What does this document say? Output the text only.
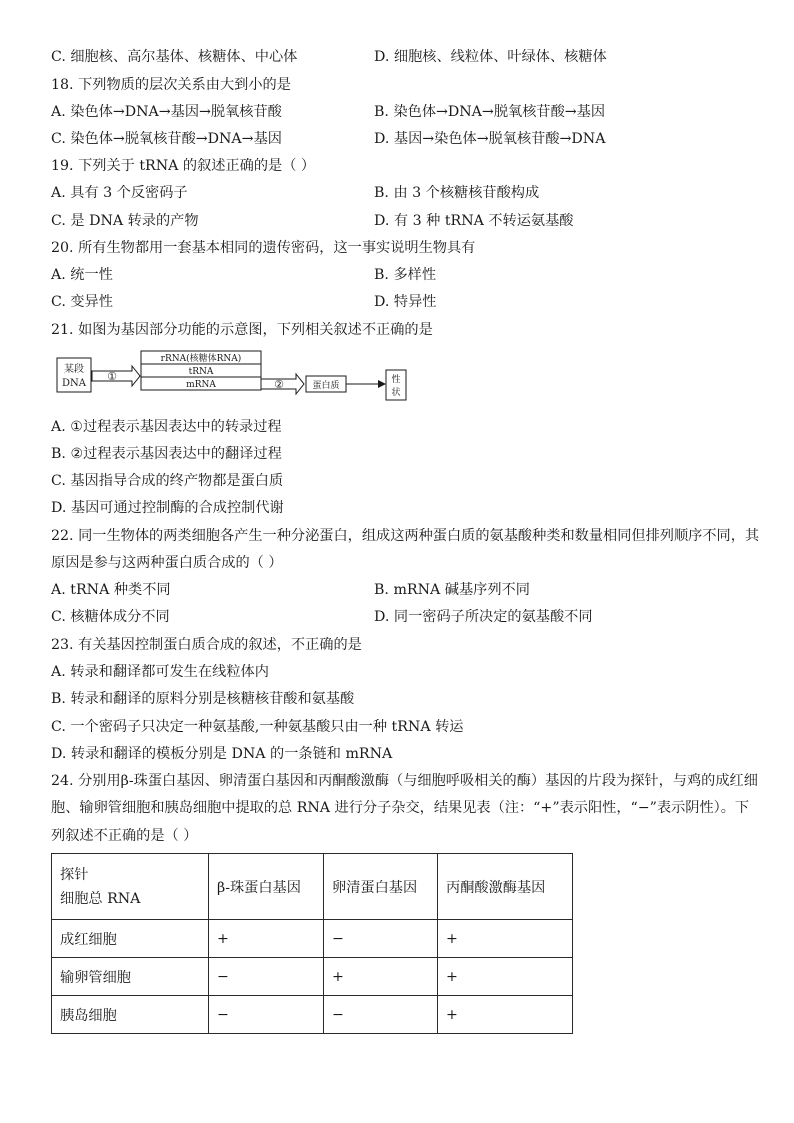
C. 细胞核、高尔基体、核糖体、中心体	D. 细胞核、线粒体、叶绿体、核糖体
18. 下列物质的层次关系由大到小的是
A. 染色体→DNA→基因→脱氧核苷酸	B. 染色体→DNA→脱氧核苷酸→基因
C. 染色体→脱氧核苷酸→DNA→基因	D. 基因→染色体→脱氧核苷酸→DNA
19. 下列关于 tRNA 的叙述正确的是（ ）
A. 具有 3 个反密码子	B. 由 3 个核糖核苷酸构成
C. 是 DNA 转录的产物	D. 有 3 种 tRNA 不转运氨基酸
20. 所有生物都用一套基本相同的遗传密码，这一事实说明生物具有
A. 统一性	B. 多样性
C. 变异性	D. 特异性
21. 如图为基因部分功能的示意图，下列相关叙述不正确的是
A. ①过程表示基因表达中的转录过程
B. ②过程表示基因表达中的翻译过程
C. 基因指导合成的终产物都是蛋白质
D. 基因可通过控制酶的合成控制代谢
22. 同一生物体的两类细胞各产生一种分泌蛋白，组成这两种蛋白质的氨基酸种类和数量相同但排列顺序不同，其
原因是参与这两种蛋白质合成的（ ）
A. tRNA 种类不同	B. mRNA 碱基序列不同
C. 核糖体成分不同	D. 同一密码子所决定的氨基酸不同
23. 有关基因控制蛋白质合成的叙述，不正确的是
A. 转录和翻译都可发生在线粒体内
B. 转录和翻译的原料分别是核糖核苷酸和氨基酸
C. 一个密码子只决定一种氨基酸,一种氨基酸只由一种 tRNA 转运
D. 转录和翻译的模板分别是 DNA 的一条链和 mRNA
24. 分别用β-珠蛋白基因、卵清蛋白基因和丙酮酸激酶（与细胞呼吸相关的酶）基因的片段为探针，与鸡的成红细
胞、输卵管细胞和胰岛细胞中提取的总 RNA 进行分子杂交，结果见表（注：“+”表示阳性，“−”表示阴性）。下
列叙述不正确的是（ ）
某段
DNA
①
rRNA(核糖体RNA)
tRNA
mRNA	②	蛋白质
性
状
探针
细胞总 RNA	β-珠蛋白基因	卵清蛋白基因	丙酮酸激酶基因
成红细胞	+	−	+
输卵管细胞	−	+	+
胰岛细胞	−	−	+
